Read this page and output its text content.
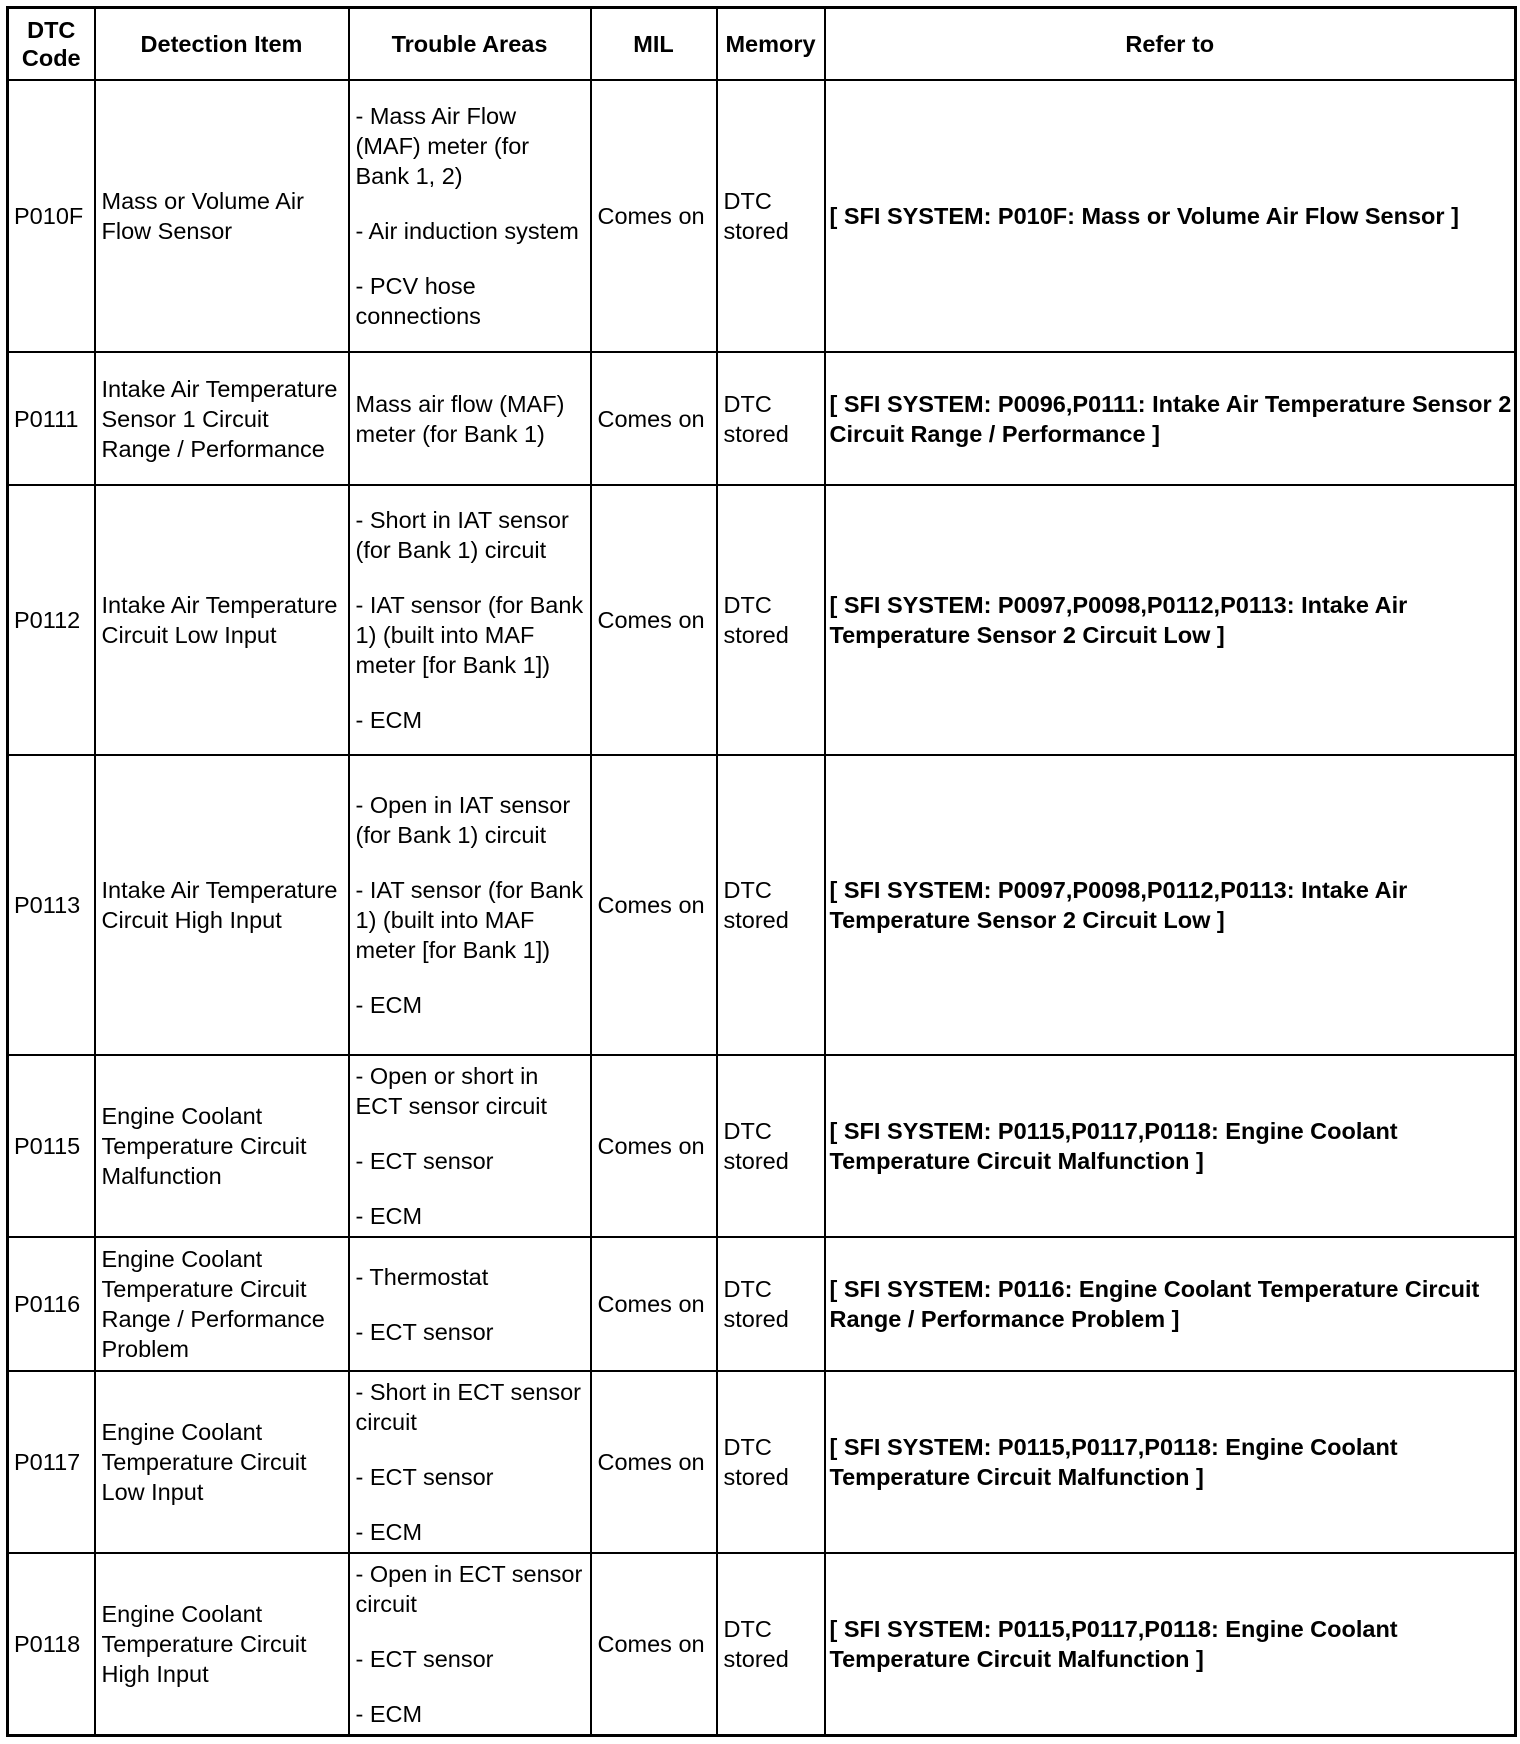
DTC Code	Detection Item	Trouble Areas	MIL	Memory	Refer to
P010F	Mass or Volume Air Flow Sensor	- Mass Air Flow (MAF) meter (for Bank 1, 2)
- Air induction system
- PCV hose connections	Comes on	DTC stored	[ SFI SYSTEM: P010F: Mass or Volume Air Flow Sensor ]
P0111	Intake Air Temperature Sensor 1 Circuit Range / Performance	Mass air flow (MAF) meter (for Bank 1)	Comes on	DTC stored	[ SFI SYSTEM: P0096,P0111: Intake Air Temperature Sensor 2 Circuit Range / Performance ]
P0112	Intake Air Temperature Circuit Low Input	- Short in IAT sensor (for Bank 1) circuit
- IAT sensor (for Bank 1) (built into MAF meter [for Bank 1])
- ECM	Comes on	DTC stored	[ SFI SYSTEM: P0097,P0098,P0112,P0113: Intake Air Temperature Sensor 2 Circuit Low ]
P0113	Intake Air Temperature Circuit High Input	- Open in IAT sensor (for Bank 1) circuit
- IAT sensor (for Bank 1) (built into MAF meter [for Bank 1])
- ECM	Comes on	DTC stored	[ SFI SYSTEM: P0097,P0098,P0112,P0113: Intake Air Temperature Sensor 2 Circuit Low ]
P0115	Engine Coolant Temperature Circuit Malfunction	- Open or short in ECT sensor circuit
- ECT sensor
- ECM	Comes on	DTC stored	[ SFI SYSTEM: P0115,P0117,P0118: Engine Coolant Temperature Circuit Malfunction ]
P0116	Engine Coolant Temperature Circuit Range / Performance Problem	- Thermostat
- ECT sensor	Comes on	DTC stored	[ SFI SYSTEM: P0116: Engine Coolant Temperature Circuit Range / Performance Problem ]
P0117	Engine Coolant Temperature Circuit Low Input	- Short in ECT sensor circuit
- ECT sensor
- ECM	Comes on	DTC stored	[ SFI SYSTEM: P0115,P0117,P0118: Engine Coolant Temperature Circuit Malfunction ]
P0118	Engine Coolant Temperature Circuit High Input	- Open in ECT sensor circuit
- ECT sensor
- ECM	Comes on	DTC stored	[ SFI SYSTEM: P0115,P0117,P0118: Engine Coolant Temperature Circuit Malfunction ]
